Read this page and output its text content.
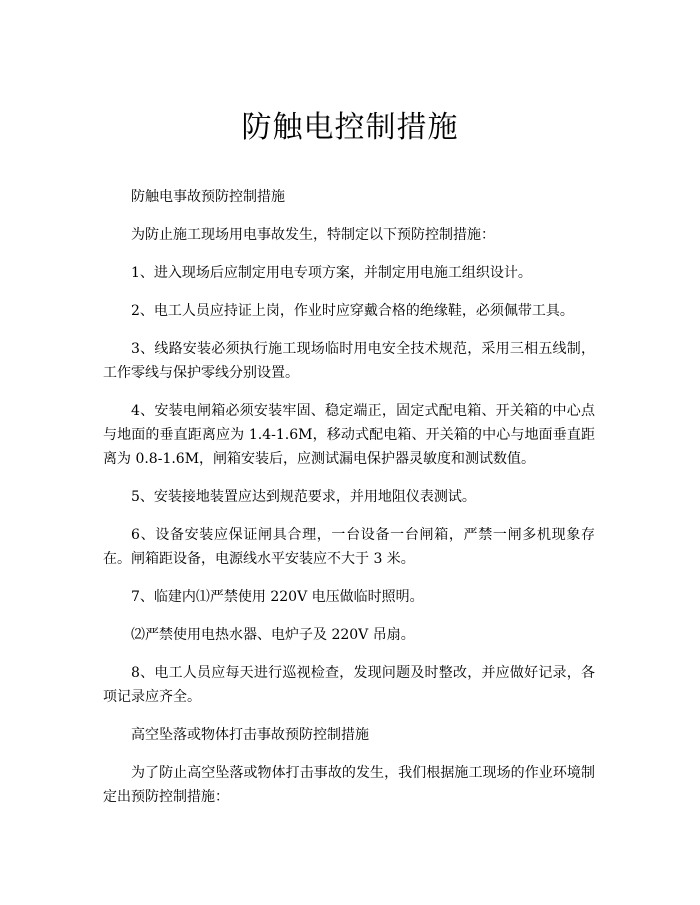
防触电控制措施

防触电事故预防控制措施

为防止施工现场用电事故发生，特制定以下预防控制措施：

1、进入现场后应制定用电专项方案，并制定用电施工组织设计。

2、电工人员应持证上岗，作业时应穿戴合格的绝缘鞋，必须佩带工具。

3、线路安装必须执行施工现场临时用电安全技术规范，采用三相五线制，工作零线与保护零线分别设置。

4、安装电闸箱必须安装牢固、稳定端正，固定式配电箱、开关箱的中心点与地面的垂直距离应为 1.4-1.6M，移动式配电箱、开关箱的中心与地面垂直距离为 0.8-1.6M，闸箱安装后，应测试漏电保护器灵敏度和测试数值。

5、安装接地装置应达到规范要求，并用地阻仪表测试。

6、设备安装应保证闸具合理，一台设备一台闸箱，严禁一闸多机现象存在。闸箱距设备，电源线水平安装应不大于 3 米。

7、临建内⑴严禁使用 220V 电压做临时照明。

⑵严禁使用电热水器、电炉子及 220V 吊扇。

8、电工人员应每天进行巡视检查，发现问题及时整改，并应做好记录，各项记录应齐全。

高空坠落或物体打击事故预防控制措施

为了防止高空坠落或物体打击事故的发生，我们根据施工现场的作业环境制定出预防控制措施：
